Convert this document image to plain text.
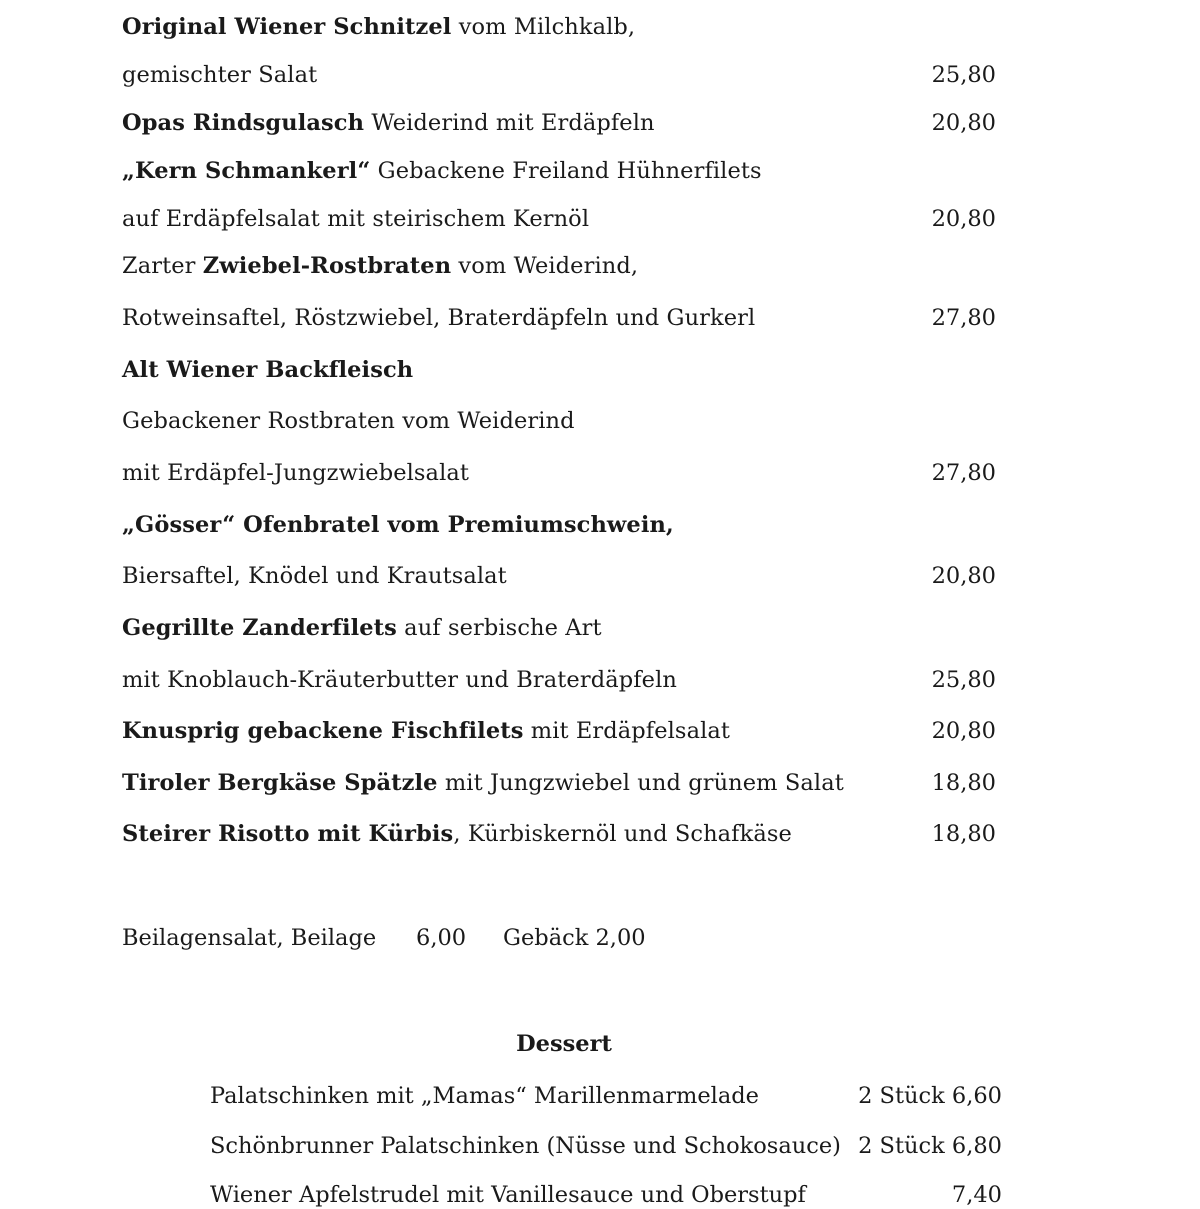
Original Wiener Schnitzel vom Milchkalb,
gemischter Salat	25,80
Opas Rindsgulasch Weiderind mit Erdäpfeln	20,80
„Kern Schmankerl“ Gebackene Freiland Hühnerfilets
auf Erdäpfelsalat mit steirischem Kernöl	20,80
Zarter Zwiebel-Rostbraten vom Weiderind,
Rotweinsaftel, Röstzwiebel, Braterdäpfeln und Gurkerl	27,80
Alt Wiener Backfleisch
Gebackener Rostbraten vom Weiderind
mit Erdäpfel-Jungzwiebelsalat	27,80
„Gösser“ Ofenbratel vom Premiumschwein,
Biersaftel, Knödel und Krautsalat	20,80
Gegrillte Zanderfilets auf serbische Art
mit Knoblauch-Kräuterbutter und Braterdäpfeln	25,80
Knusprig gebackene Fischfilets mit Erdäpfelsalat	20,80
Tiroler Bergkäse Spätzle mit Jungzwiebel und grünem Salat	18,80
Steirer Risotto mit Kürbis, Kürbiskernöl und Schafkäse	18,80
Beilagensalat, Beilage 6,00 Gebäck 2,00
Dessert
Palatschinken mit „Mamas“ Marillenmarmelade	2 Stück 6,60
Schönbrunner Palatschinken (Nüsse und Schokosauce) 2 Stück 6,80
Wiener Apfelstrudel mit Vanillesauce und Oberstupf	7,40
